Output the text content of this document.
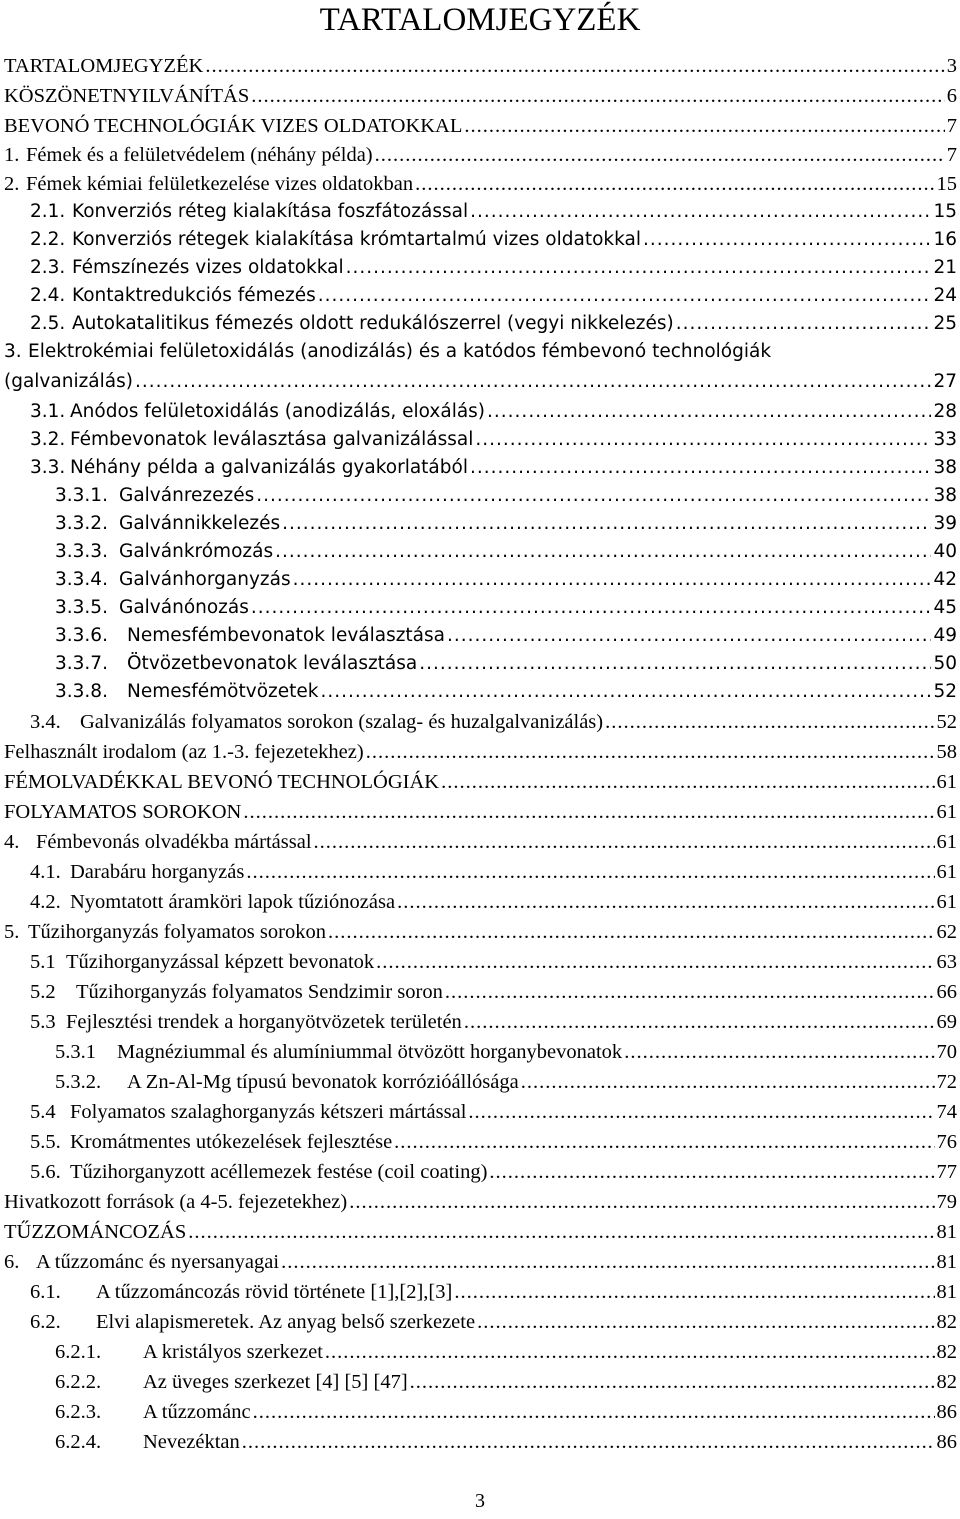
TARTALOMJEGYZÉK
TARTALOMJEGYZÉK .....	3
KÖSZÖNETNYILVÁNÍTÁS .....	6
BEVONÓ TECHNOLÓGIÁK VIZES OLDATOKKAL .....	7
1. Fémek és a felületvédelem (néhány példa) .....	7
2. Fémek kémiai felületkezelése vizes oldatokban .....	15
2.1. Konverziós réteg kialakítása foszfátozással .....	15
2.2. Konverziós rétegek kialakítása krómtartalmú vizes oldatokkal .....	16
2.3. Fémszínezés vizes oldatokkal .....	21
2.4. Kontaktredukciós fémezés .....	24
2.5. Autokatalitikus fémezés oldott redukálószerrel (vegyi nikkelezés) .....	25
3. Elektrokémiai felületoxidálás (anodizálás) és a katódos fémbevonó technológiák
(galvanizálás) .....	27
3.1. Anódos felületoxidálás (anodizálás, eloxálás) .....	28
3.2. Fémbevonatok leválasztása galvanizálással .....	33
3.3. Néhány példa a galvanizálás gyakorlatából .....	38
3.3.1. Galvánrezezés .....	38
3.3.2. Galvánnikkelezés .....	39
3.3.3. Galvánkrómozás .....	40
3.3.4. Galvánhorganyzás .....	42
3.3.5. Galvánónozás .....	45
3.3.6.	Nemesfémbevonatok leválasztása .....	49
3.3.7.	Ötvözetbevonatok leválasztása .....	50
3.3.8.	Nemesfémötvözetek .....	52
3.4. Galvanizálás folyamatos sorokon (szalag- és huzalgalvanizálás) .....	52
Felhasznált irodalom (az 1.-3. fejezetekhez) .....	58
FÉMOLVADÉKKAL BEVONÓ TECHNOLÓGIÁK .....	61
FOLYAMATOS SOROKON .....	61
4. Fémbevonás olvadékba mártással .....	61
4.1. Darabáru horganyzás .....	61
4.2. Nyomtatott áramköri lapok tűziónozása .....	61
5. Tűzihorganyzás folyamatos sorokon .....	62
5.1 Tűzihorganyzással képzett bevonatok .....	63
5.2 Tűzihorganyzás folyamatos Sendzimir soron .....	66
5.3 Fejlesztési trendek a horganyötvözetek területén .....	69
5.3.1	Magnéziummal és alumíniummal ötvözött horganybevonatok .....	70
5.3.2.	A Zn-Al-Mg típusú bevonatok korrózióállósága .....	72
5.4 Folyamatos szalaghorganyzás kétszeri mártással .....	74
5.5. Kromátmentes utókezelések fejlesztése .....	76
5.6. Tűzihorganyzott acéllemezek festése (coil coating) .....	77
Hivatkozott források (a 4-5. fejezetekhez) .....	79
TŰZZOMÁNCOZÁS .....	81
6. A tűzzománc és nyersanyagai .....	81
6.1.	A tűzzománcozás rövid története [1],[2],[3] .....	81
6.2.	Elvi alapismeretek. Az anyag belső szerkezete .....	82
6.2.1.	A kristályos szerkezet .....	82
6.2.2.	Az üveges szerkezet [4] [5] [47] .....	82
6.2.3.	A tűzzománc .....	86
6.2.4.	Nevezéktan .....	86
3
